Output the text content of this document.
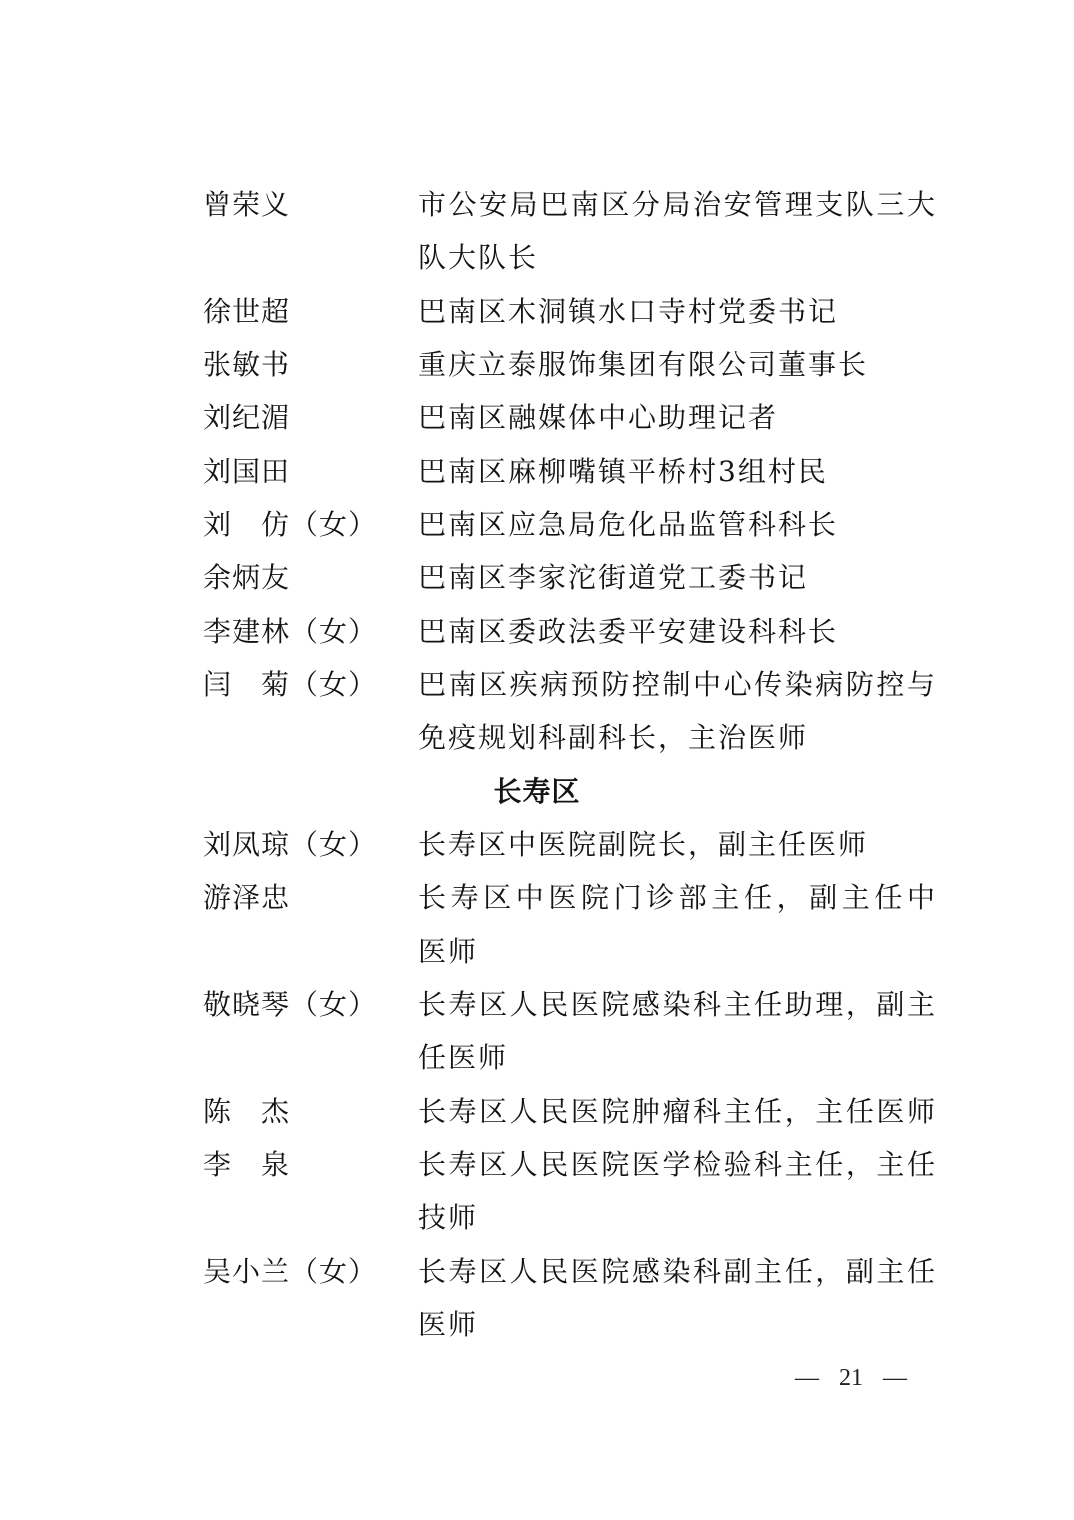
曾荣义	市公安局巴南区分局治安管理支队三大
队大队长
徐世超	巴南区木洞镇水口寺村党委书记
张敏书	重庆立泰服饰集团有限公司董事长
刘纪湄	巴南区融媒体中心助理记者
刘国田	巴南区麻柳嘴镇平桥村3组村民
刘　仿（女）	巴南区应急局危化品监管科科长
余炳友	巴南区李家沱街道党工委书记
李建林（女）	巴南区委政法委平安建设科科长
闫　菊（女）	巴南区疾病预防控制中心传染病防控与
免疫规划科副科长，主治医师
长寿区
刘凤琼（女）	长寿区中医院副院长，副主任医师
游泽忠	长寿区中医院门诊部主任，副主任中
医师
敬晓琴（女）	长寿区人民医院感染科主任助理，副主
任医师
陈　杰	长寿区人民医院肿瘤科主任，主任医师
李　泉	长寿区人民医院医学检验科主任，主任
技师
吴小兰（女）	长寿区人民医院感染科副主任，副主任
医师
— 21 —
